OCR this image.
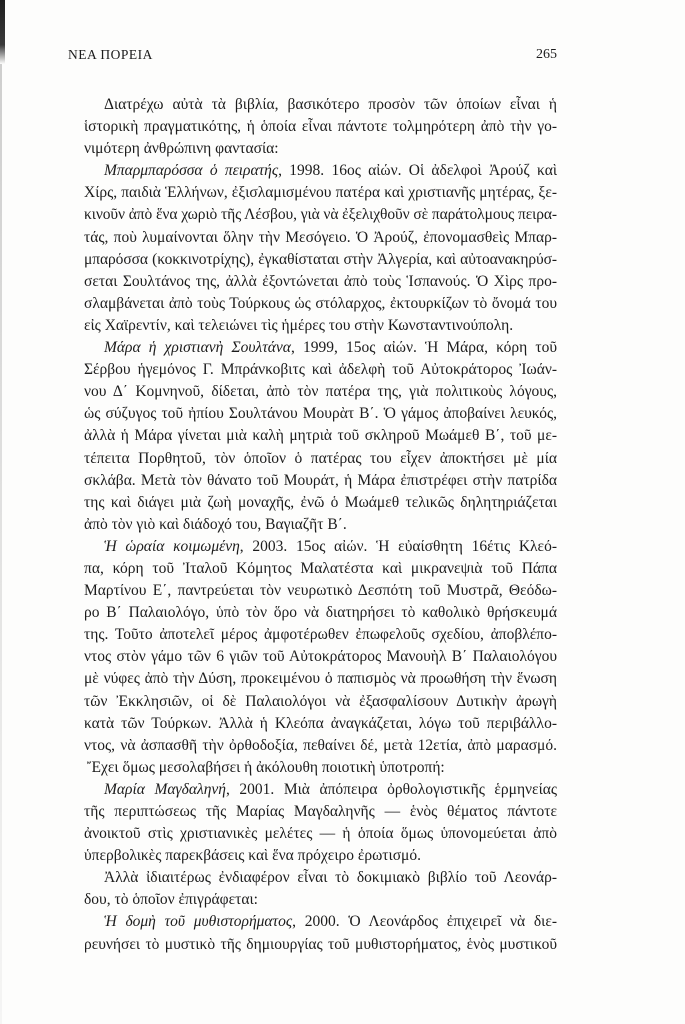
ΝΕΑ ΠΟΡΕΙΑ	265
Διατρέχω αὐτὰ τὰ βιβλία, βασικότερο προσὸν τῶν ὁποίων εἶναι ἡ
ἱστορικὴ πραγματικότης, ἡ ὁποία εἶναι πάντοτε τολμηρότερη ἀπὸ τὴν γο-
νιμότερη ἀνθρώπινη φαντασία:
Μπαρμπαρόσσα ὁ πειρατής, 1998. 16ος αἰών. Οἱ ἀδελφοὶ Ἀρούζ καὶ
Χίρς, παιδιὰ Ἑλλήνων, ἐξισλαμισμένου πατέρα καὶ χριστιανῆς μητέρας, ξε-
κινοῦν ἀπὸ ἕνα χωριὸ τῆς Λέσβου, γιὰ νὰ ἐξελιχθοῦν σὲ παράτολμους πειρα-
τάς, ποὺ λυμαίνονται ὅλην τὴν Μεσόγειο. Ὁ Ἀρούζ, ἐπονομασθεὶς Μπαρ-
μπαρόσσα (κοκκινοτρίχης), ἐγκαθίσταται στὴν Ἀλγερία, καὶ αὐτοανακηρύσ-
σεται Σουλτάνος της, ἀλλὰ ἐξοντώνεται ἀπὸ τοὺς Ἱσπανούς. Ὁ Χὶρς προ-
σλαμβάνεται ἀπὸ τοὺς Τούρκους ὡς στόλαρχος, ἐκτουρκίζων τὸ ὄνομά του
εἰς Χαϊρεντίν, καὶ τελειώνει τὶς ἡμέρες του στὴν Κωνσταντινούπολη.
Μάρα ἡ χριστιανὴ Σουλτάνα, 1999, 15ος αἰών. Ἡ Μάρα, κόρη τοῦ
Σέρβου ἡγεμόνος Γ. Μπράνκοβιτς καὶ ἀδελφὴ τοῦ Αὐτοκράτορος Ἰωάν-
νου Δ΄ Κομνηνοῦ, δίδεται, ἀπὸ τὸν πατέρα της, γιὰ πολιτικοὺς λόγους,
ὡς σύζυγος τοῦ ἠπίου Σουλτάνου Μουρὰτ Β΄. Ὁ γάμος ἀποβαίνει λευκός,
ἀλλὰ ἡ Μάρα γίνεται μιὰ καλὴ μητριὰ τοῦ σκληροῦ Μωάμεθ Β΄, τοῦ με-
τέπειτα Πορθητοῦ, τὸν ὁποῖον ὁ πατέρας του εἶχεν ἀποκτήσει μὲ μία
σκλάβα. Μετὰ τὸν θάνατο τοῦ Μουράτ, ἡ Μάρα ἐπιστρέφει στὴν πατρίδα
της καὶ διάγει μιὰ ζωὴ μοναχῆς, ἐνῶ ὁ Μωάμεθ τελικῶς δηλητηριάζεται
ἀπὸ τὸν γιὸ καὶ διάδοχό του, Βαγιαζῆτ Β΄.
Ἡ ὡραία κοιμωμένη, 2003. 15ος αἰών. Ἡ εὐαίσθητη 16έτις Κλεό-
πα, κόρη τοῦ Ἰταλοῦ Κόμητος Μαλατέστα καὶ μικρανεψιὰ τοῦ Πάπα
Μαρτίνου Ε΄, παντρεύεται τὸν νευρωτικὸ Δεσπότη τοῦ Μυστρᾶ, Θεόδω-
ρο Β΄ Παλαιολόγο, ὑπὸ τὸν ὅρο νὰ διατηρήσει τὸ καθολικὸ θρήσκευμά
της. Τοῦτο ἀποτελεῖ μέρος ἀμφοτέρωθεν ἐπωφελοῦς σχεδίου, ἀποβλέπο-
ντος στὸν γάμο τῶν 6 γιῶν τοῦ Αὐτοκράτορος Μανουὴλ Β΄ Παλαιολόγου
μὲ νύφες ἀπὸ τὴν Δύση, προκειμένου ὁ παπισμὸς νὰ προωθήση τὴν ἕνωση
τῶν Ἐκκλησιῶν, οἱ δὲ Παλαιολόγοι νὰ ἐξασφαλίσουν Δυτικὴν ἀρωγὴ
κατὰ τῶν Τούρκων. Ἀλλὰ ἡ Κλεόπα ἀναγκάζεται, λόγω τοῦ περιβάλλο-
ντος, νὰ ἀσπασθῆ τὴν ὀρθοδοξία, πεθαίνει δέ, μετὰ 12ετία, ἀπὸ μαρασμό.
Ἔχει ὅμως μεσολαβήσει ἡ ἀκόλουθη ποιοτικὴ ὑποτροπή:
Μαρία Μαγδαληνή, 2001. Μιὰ ἀπόπειρα ὀρθολογιστικῆς ἑρμηνείας
τῆς περιπτώσεως τῆς Μαρίας Μαγδαληνῆς — ἑνὸς θέματος πάντοτε
ἀνοικτοῦ στὶς χριστιανικὲς μελέτες — ἡ ὁποία ὅμως ὑπονομεύεται ἀπὸ
ὑπερβολικὲς παρεκβάσεις καὶ ἕνα πρόχειρο ἐρωτισμό.
Ἀλλὰ ἰδιαιτέρως ἐνδιαφέρον εἶναι τὸ δοκιμιακὸ βιβλίο τοῦ Λεονάρ-
δου, τὸ ὁποῖον ἐπιγράφεται:
Ἡ δομὴ τοῦ μυθιστορήματος, 2000. Ὁ Λεονάρδος ἐπιχειρεῖ νὰ διε-
ρευνήσει τὸ μυστικὸ τῆς δημιουργίας τοῦ μυθιστορήματος, ἑνὸς μυστικοῦ
